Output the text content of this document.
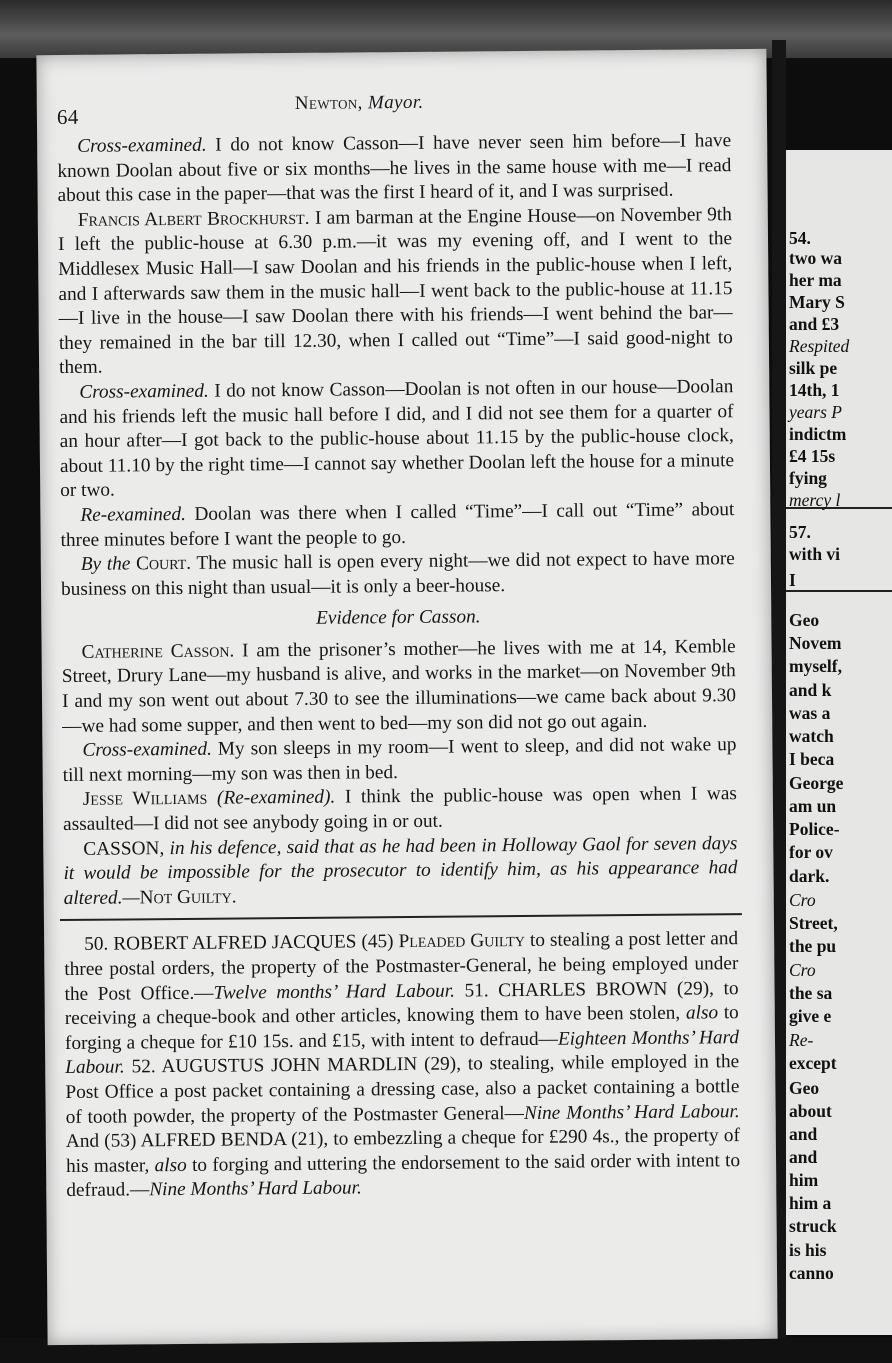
54.
two wa
her ma
Mary S
and £3
Respited
silk pe
14th, 1
years P
indictm
£4 15s
fying
mercy l
57.
with vi
I
Geo
Novem
myself,
and k
was a
watch
I beca
George
am un
Police-
for ov
dark.
Cro
Street,
the pu
Cro
the sa
give e
Re-
except
Geo
about
and
and
him
him a
struck
is his
canno
64
Newton, Mayor.

Cross-examined. I do not know Casson—I have never seen him before—I have known Doolan about five or six months—he lives in the same house with me—I read about this case in the paper—that was the first I heard of it, and I was surprised.

Francis Albert Brockhurst. I am barman at the Engine House—on November 9th I left the public-house at 6.30 p.m.—it was my evening off, and I went to the Middlesex Music Hall—I saw Doolan and his friends in the public-house when I left, and I afterwards saw them in the music hall—I went back to the public-house at 11.15—I live in the house—I saw Doolan there with his friends—I went behind the bar—they remained in the bar till 12.30, when I called out “Time”—I said good-night to them.

Cross-examined. I do not know Casson—Doolan is not often in our house—Doolan and his friends left the music hall before I did, and I did not see them for a quarter of an hour after—I got back to the public-house about 11.15 by the public-house clock, about 11.10 by the right time—I cannot say whether Doolan left the house for a minute or two.

Re-examined. Doolan was there when I called “Time”—I call out “Time” about three minutes before I want the people to go.

By the Court. The music hall is open every night—we did not expect to have more business on this night than usual—it is only a beer-house.

Evidence for Casson.

Catherine Casson. I am the prisoner’s mother—he lives with me at 14, Kemble Street, Drury Lane—my husband is alive, and works in the market—on November 9th I and my son went out about 7.30 to see the illuminations—we came back about 9.30—we had some supper, and then went to bed—my son did not go out again.

Cross-examined. My son sleeps in my room—I went to sleep, and did not wake up till next morning—my son was then in bed.

Jesse Williams (Re-examined). I think the public-house was open when I was assaulted—I did not see anybody going in or out.

CASSON, in his defence, said that as he had been in Holloway Gaol for seven days it would be impossible for the prosecutor to identify him, as his appearance had altered.—Not Guilty.

50. ROBERT ALFRED JACQUES (45) Pleaded Guilty to stealing a post letter and three postal orders, the property of the Postmaster-General, he being employed under the Post Office.—Twelve months’ Hard Labour. 51. CHARLES BROWN (29), to receiving a cheque-book and other articles, knowing them to have been stolen, also to forging a cheque for £10 15s. and £15, with intent to defraud—Eighteen Months’ Hard Labour. 52. AUGUSTUS JOHN MARDLIN (29), to stealing, while employed in the Post Office a post packet containing a dressing case, also a packet containing a bottle of tooth powder, the property of the Postmaster General—Nine Months’ Hard Labour. And (53) ALFRED BENDA (21), to embezzling a cheque for £290 4s., the property of his master, also to forging and uttering the endorsement to the said order with intent to defraud.—Nine Months’ Hard Labour.
